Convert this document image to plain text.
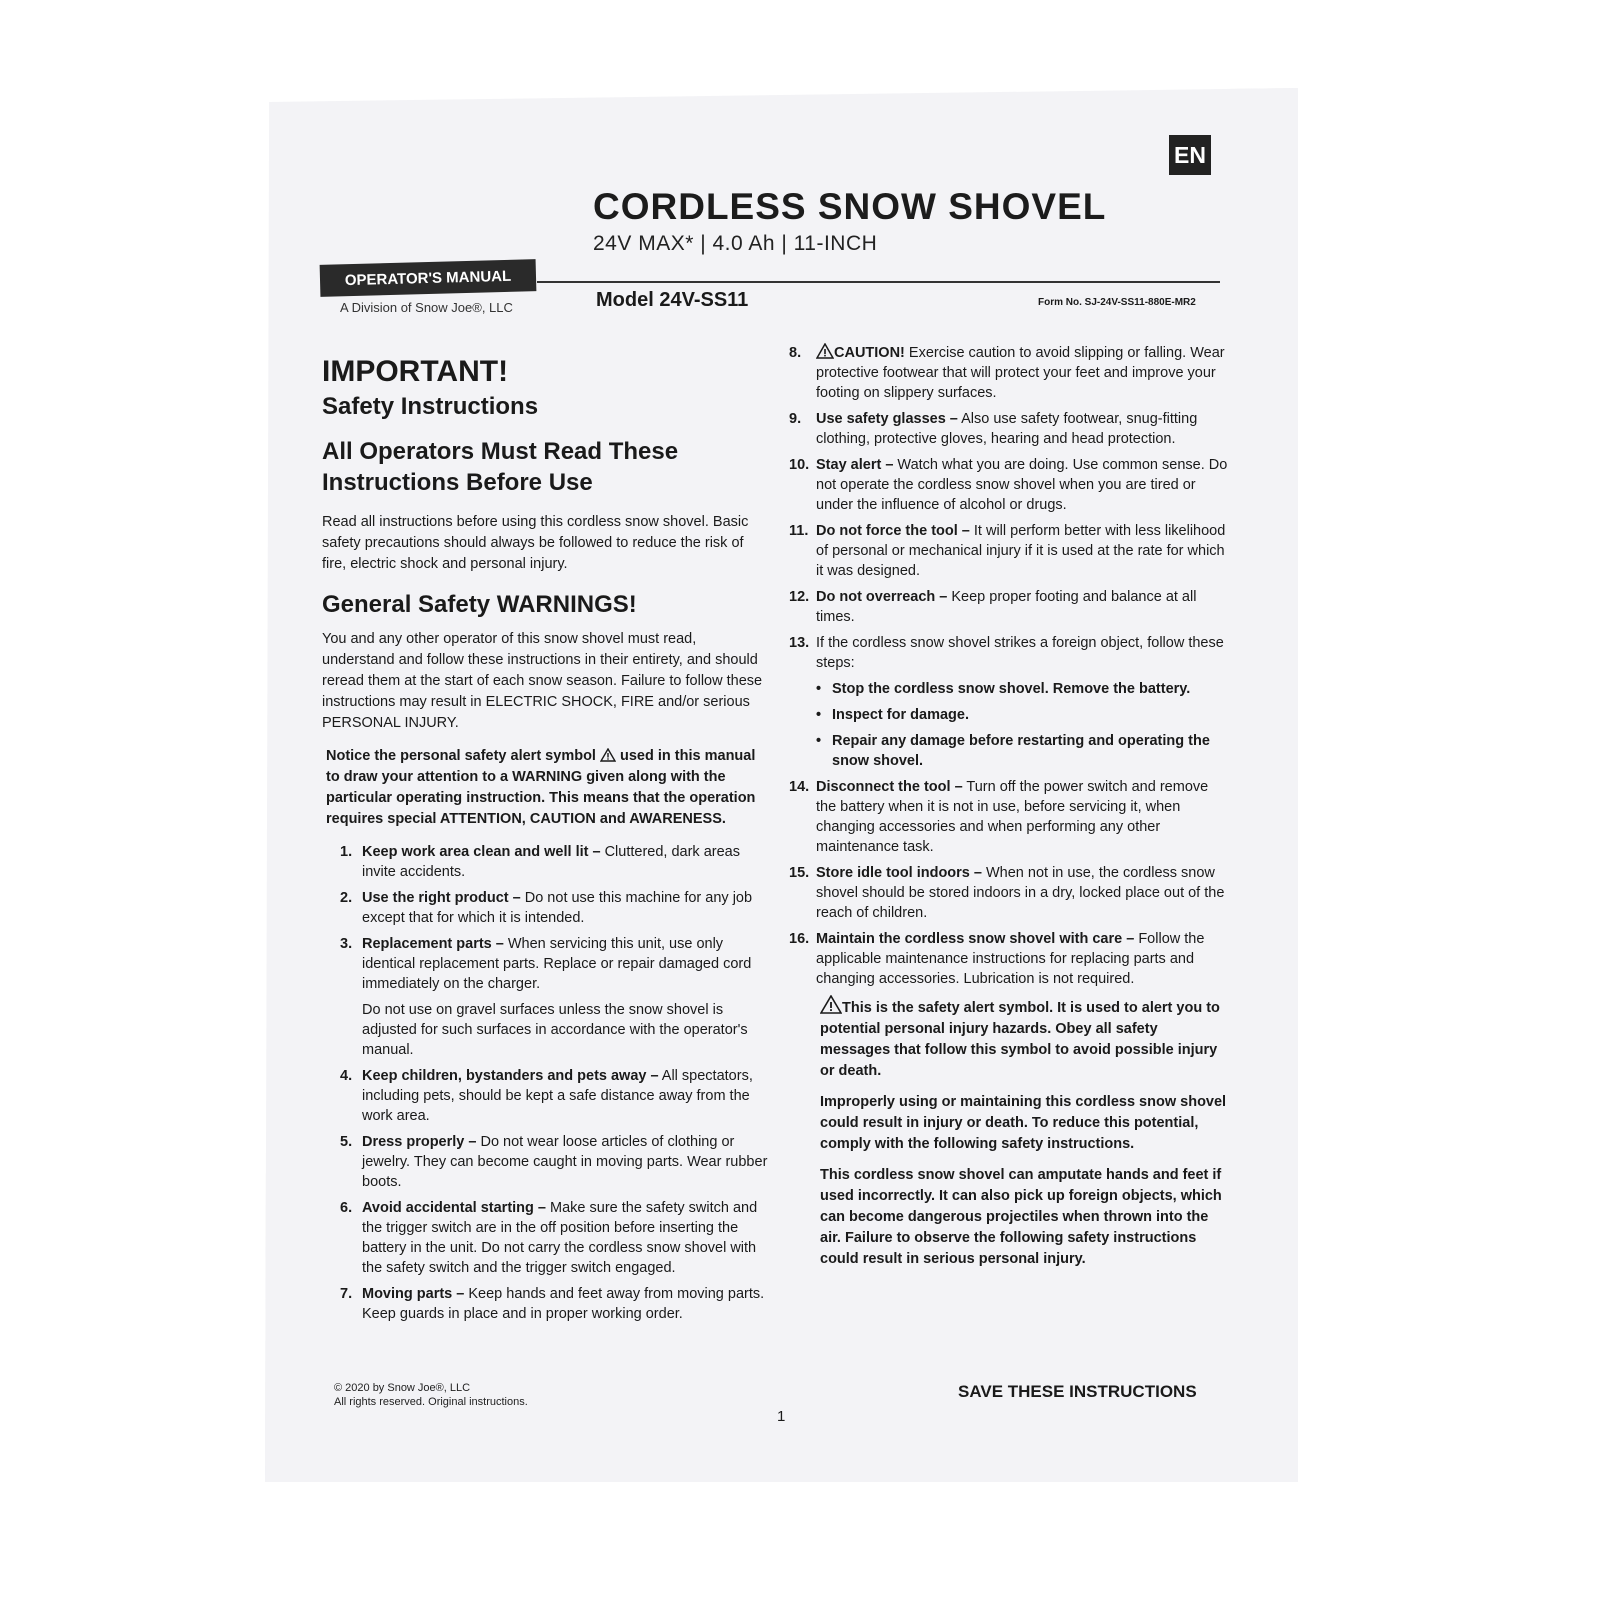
EN
CORDLESS SNOW SHOVEL
24V MAX* | 4.0 Ah | 11-INCH
OPERATOR'S MANUAL
A Division of Snow Joe®, LLC	Model 24V-SS11	Form No. SJ-24V-SS11-880E-MR2
IMPORTANT!
Safety Instructions
All Operators Must Read These Instructions Before Use

Read all instructions before using this cordless snow shovel. Basic safety precautions should always be followed to reduce the risk of fire, electric shock and personal injury.

General Safety WARNINGS!

You and any other operator of this snow shovel must read, understand and follow these instructions in their entirety, and should reread them at the start of each snow season. Failure to follow these instructions may result in ELECTRIC SHOCK, FIRE and/or serious PERSONAL INJURY.

Notice the personal safety alert symbol used in this manual to draw your attention to a WARNING given along with the particular operating instruction. This means that the operation requires special ATTENTION, CAUTION and AWARENESS.

1. Keep work area clean and well lit – Cluttered, dark areas invite accidents.
2. Use the right product – Do not use this machine for any job except that for which it is intended.
3. Replacement parts – When servicing this unit, use only identical replacement parts. Replace or repair damaged cord immediately on the charger.
Do not use on gravel surfaces unless the snow shovel is adjusted for such surfaces in accordance with the operator's manual.
4. Keep children, bystanders and pets away – All spectators, including pets, should be kept a safe distance away from the work area.
5. Dress properly – Do not wear loose articles of clothing or jewelry. They can become caught in moving parts. Wear rubber boots.
6. Avoid accidental starting – Make sure the safety switch and the trigger switch are in the off position before inserting the battery in the unit. Do not carry the cordless snow shovel with the safety switch and the trigger switch engaged.
7. Moving parts – Keep hands and feet away from moving parts. Keep guards in place and in proper working order.
8.	CAUTION! Exercise caution to avoid slipping or falling. Wear protective footwear that will protect your feet and improve your footing on slippery surfaces.
9.	Use safety glasses – Also use safety footwear, snug-fitting clothing, protective gloves, hearing and head protection.
10. Stay alert – Watch what you are doing. Use common sense. Do not operate the cordless snow shovel when you are tired or under the influence of alcohol or drugs.
11. Do not force the tool – It will perform better with less likelihood of personal or mechanical injury if it is used at the rate for which it was designed.
12. Do not overreach – Keep proper footing and balance at all times.
13. If the cordless snow shovel strikes a foreign object, follow these steps:
• Stop the cordless snow shovel. Remove the battery.
• Inspect for damage.
• Repair any damage before restarting and operating the snow shovel.
14. Disconnect the tool – Turn off the power switch and remove the battery when it is not in use, before servicing it, when changing accessories and when performing any other maintenance task.
15. Store idle tool indoors – When not in use, the cordless snow shovel should be stored indoors in a dry, locked place out of the reach of children.
16. Maintain the cordless snow shovel with care – Follow the applicable maintenance instructions for replacing parts and changing accessories. Lubrication is not required.

This is the safety alert symbol. It is used to alert you to potential personal injury hazards. Obey all safety messages that follow this symbol to avoid possible injury or death.

Improperly using or maintaining this cordless snow shovel could result in injury or death. To reduce this potential, comply with the following safety instructions.

This cordless snow shovel can amputate hands and feet if used incorrectly. It can also pick up foreign objects, which can become dangerous projectiles when thrown into the air. Failure to observe the following safety instructions could result in serious personal injury.

© 2020 by Snow Joe®, LLC
All rights reserved. Original instructions.
SAVE THESE INSTRUCTIONS
1
